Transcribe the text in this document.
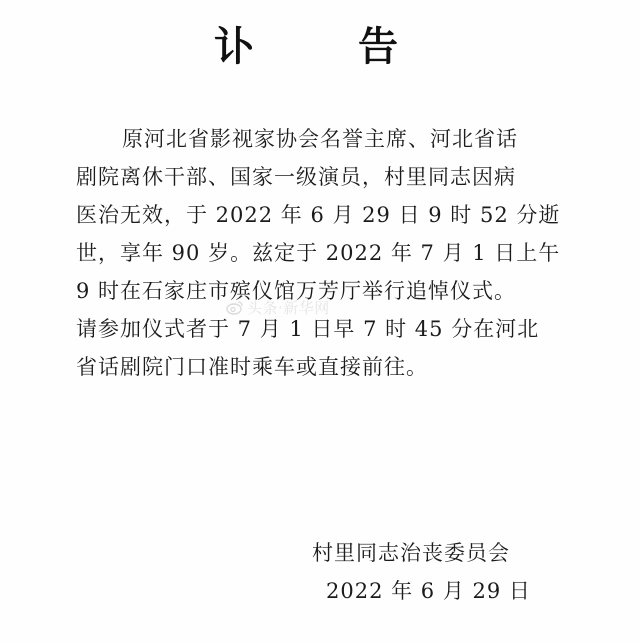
讣	告
原河北省影视家协会名誉主席、河北省话
剧院离休干部、国家一级演员，村里同志因病
医治无效，于 2022 年 6 月 29 日 9 时 52 分逝
世，享年 90 岁。兹定于 2022 年 7 月 1 日上午
9 时在石家庄市殡仪馆万芳厅举行追悼仪式。
请参加仪式者于 7 月 1 日早 7 时 45 分在河北
省话剧院门口准时乘车或直接前往。
头条·新华网
村里同志治丧委员会
2022 年 6 月 29 日
